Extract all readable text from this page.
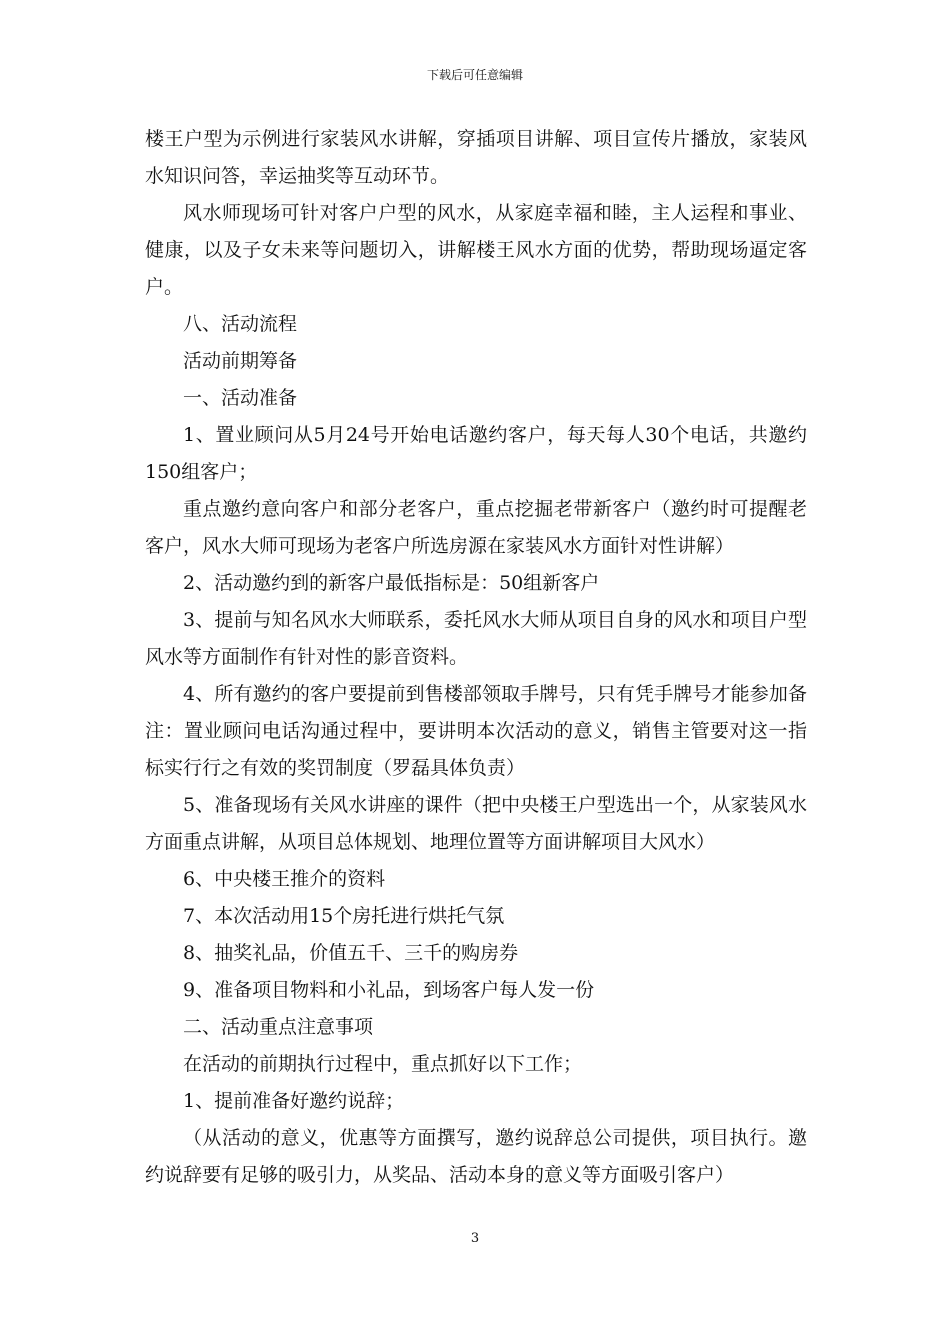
下载后可任意编辑

楼王户型为示例进行家装风水讲解，穿插项目讲解、项目宣传片播放，家装风水知识问答，幸运抽奖等互动环节。

风水师现场可针对客户户型的风水，从家庭幸福和睦，主人运程和事业、健康，以及子女未来等问题切入，讲解楼王风水方面的优势，帮助现场逼定客户。

八、活动流程

活动前期筹备

一、活动准备

1、置业顾问从5月24号开始电话邀约客户，每天每人30个电话，共邀约150组客户；

重点邀约意向客户和部分老客户，重点挖掘老带新客户（邀约时可提醒老客户，风水大师可现场为老客户所选房源在家装风水方面针对性讲解）

2、活动邀约到的新客户最低指标是：50组新客户

3、提前与知名风水大师联系，委托风水大师从项目自身的风水和项目户型风水等方面制作有针对性的影音资料。

4、所有邀约的客户要提前到售楼部领取手牌号，只有凭手牌号才能参加备注：置业顾问电话沟通过程中，要讲明本次活动的意义，销售主管要对这一指标实行行之有效的奖罚制度（罗磊具体负责）

5、准备现场有关风水讲座的课件（把中央楼王户型选出一个，从家装风水方面重点讲解，从项目总体规划、地理位置等方面讲解项目大风水）

6、中央楼王推介的资料

7、本次活动用15个房托进行烘托气氛

8、抽奖礼品，价值五千、三千的购房券

9、准备项目物料和小礼品，到场客户每人发一份

二、活动重点注意事项

在活动的前期执行过程中，重点抓好以下工作；

1、提前准备好邀约说辞；

（从活动的意义，优惠等方面撰写，邀约说辞总公司提供，项目执行。邀约说辞要有足够的吸引力，从奖品、活动本身的意义等方面吸引客户）

3
